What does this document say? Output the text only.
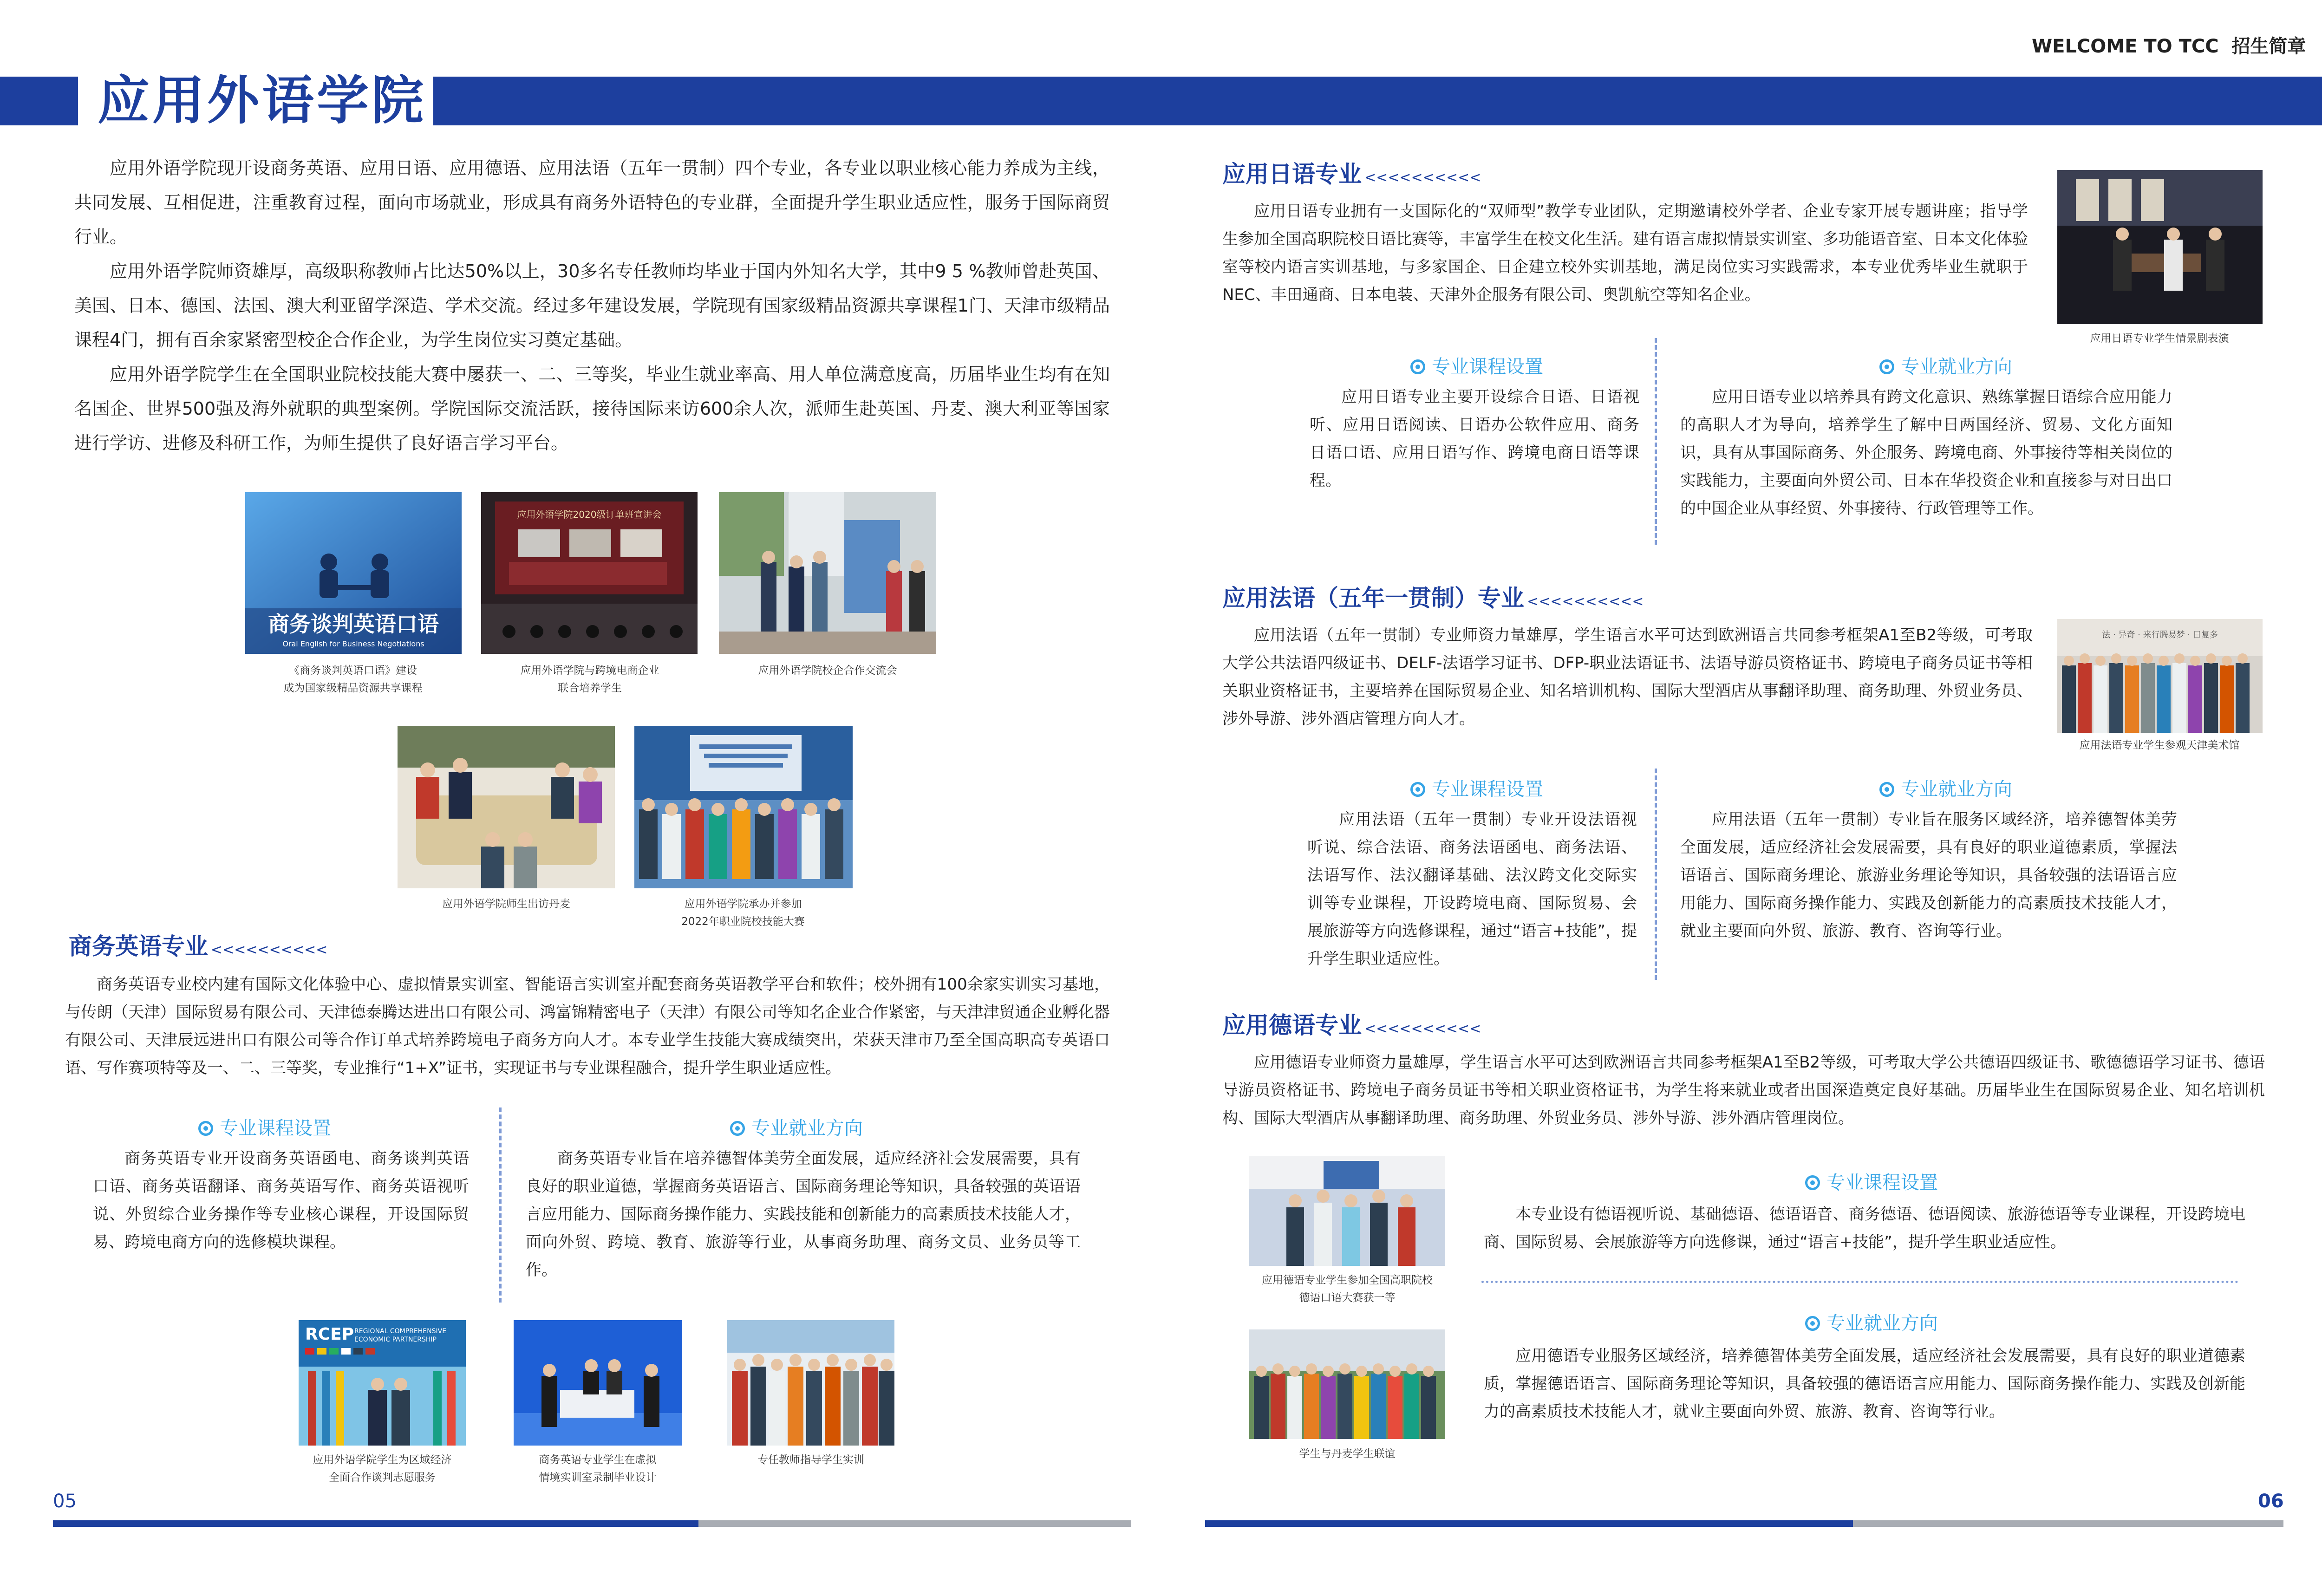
WELCOME TO TCC 招生简章
应用外语学院

应用外语学院现开设商务英语、应用日语、应用德语、应用法语（五年一贯制）四个专业，各专业以职业核心能力养成为主线，共同发展、互相促进，注重教育过程，面向市场就业，形成具有商务外语特色的专业群，全面提升学生职业适应性，服务于国际商贸行业。

应用外语学院师资雄厚，高级职称教师占比达50%以上，30多名专任教师均毕业于国内外知名大学，其中9 5 %教师曾赴英国、美国、日本、德国、法国、澳大利亚留学深造、学术交流。经过多年建设发展，学院现有国家级精品资源共享课程1门、天津市级精品课程4门，拥有百余家紧密型校企合作企业，为学生岗位实习奠定基础。

应用外语学院学生在全国职业院校技能大赛中屡获一、二、三等奖，毕业生就业率高、用人单位满意度高，历届毕业生均有在知名国企、世界500强及海外就职的典型案例。学院国际交流活跃，接待国际来访600余人次，派师生赴英国、丹麦、澳大利亚等国家进行学访、进修及科研工作，为师生提供了良好语言学习平台。

商务谈判英语口语
Oral English for Business Negotiations
应用外语学院2020级订单班宣讲会
《商务谈判英语口语》建设
成为国家级精品资源共享课程
应用外语学院与跨境电商企业
联合培养学生
应用外语学院校企合作交流会
应用外语学院师生出访丹麦	应用外语学院承办并参加
2022年职业院校技能大赛
商务英语专业 <<<<<<<<<<

商务英语专业校内建有国际文化体验中心、虚拟情景实训室、智能语言实训室并配套商务英语教学平台和软件；校外拥有100余家实训实习基地，与传朗（天津）国际贸易有限公司、天津德泰腾达进出口有限公司、鸿富锦精密电子（天津）有限公司等知名企业合作紧密，与天津津贸通企业孵化器有限公司、天津辰远进出口有限公司等合作订单式培养跨境电子商务方向人才。本专业学生技能大赛成绩突出，荣获天津市乃至全国高职高专英语口语、写作赛项特等及一、二、三等奖，专业推行“1+X”证书，实现证书与专业课程融合，提升学生职业适应性。

专业课程设置

商务英语专业开设商务英语函电、商务谈判英语口语、商务英语翻译、商务英语写作、商务英语视听说、外贸综合业务操作等专业核心课程，开设国际贸易、跨境电商方向的选修模块课程。

专业就业方向

商务英语专业旨在培养德智体美劳全面发展，适应经济社会发展需要，具有良好的职业道德，掌握商务英语语言、国际商务理论等知识，具备较强的英语语言应用能力、国际商务操作能力、实践技能和创新能力的高素质技术技能人才，面向外贸、跨境、教育、旅游等行业，从事商务助理、商务文员、业务员等工作。

RCEP REGIONAL COMPREHENSIVE
ECONOMIC PARTNERSHIP
应用外语学院学生为区域经济
全面合作谈判志愿服务
商务英语专业学生在虚拟
情境实训室录制毕业设计
专任教师指导学生实训
应用日语专业 <<<<<<<<<<

应用日语专业拥有一支国际化的“双师型”教学专业团队，定期邀请校外学者、企业专家开展专题讲座；指导学生参加全国高职院校日语比赛等，丰富学生在校文化生活。建有语言虚拟情景实训室、多功能语音室、日本文化体验室等校内语言实训基地，与多家国企、日企建立校外实训基地，满足岗位实习实践需求，本专业优秀毕业生就职于NEC、丰田通商、日本电装、天津外企服务有限公司、奥凯航空等知名企业。

应用日语专业学生情景剧表演
专业课程设置

应用日语专业主要开设综合日语、日语视听、应用日语阅读、日语办公软件应用、商务日语口语、应用日语写作、跨境电商日语等课程。

专业就业方向

应用日语专业以培养具有跨文化意识、熟练掌握日语综合应用能力的高职人才为导向，培养学生了解中日两国经济、贸易、文化方面知识，具有从事国际商务、外企服务、跨境电商、外事接待等相关岗位的实践能力，主要面向外贸公司、日本在华投资企业和直接参与对日出口的中国企业从事经贸、外事接待、行政管理等工作。

应用法语（五年一贯制）专业 <<<<<<<<<<

应用法语（五年一贯制）专业师资力量雄厚，学生语言水平可达到欧洲语言共同参考框架A1至B2等级，可考取大学公共法语四级证书、DELF-法语学习证书、DFP-职业法语证书、法语导游员资格证书、跨境电子商务员证书等相关职业资格证书，主要培养在国际贸易企业、知名培训机构、国际大型酒店从事翻译助理、商务助理、外贸业务员、涉外导游、涉外酒店管理方向人才。

法 · 异奇 · 来行腾易梦 · 日复多
应用法语专业学生参观天津美术馆
专业课程设置

应用法语（五年一贯制）专业开设法语视听说、综合法语、商务法语函电、商务法语、法语写作、法汉翻译基础、法汉跨文化交际实训等专业课程，开设跨境电商、国际贸易、会展旅游等方向选修课程，通过“语言+技能”，提升学生职业适应性。

专业就业方向

应用法语（五年一贯制）专业旨在服务区域经济，培养德智体美劳全面发展，适应经济社会发展需要，具有良好的职业道德素质，掌握法语语言、国际商务理论、旅游业务理论等知识，具备较强的法语语言应用能力、国际商务操作能力、实践及创新能力的高素质技术技能人才，就业主要面向外贸、旅游、教育、咨询等行业。

应用德语专业 <<<<<<<<<<

应用德语专业师资力量雄厚，学生语言水平可达到欧洲语言共同参考框架A1至B2等级，可考取大学公共德语四级证书、歌德德语学习证书、德语导游员资格证书、跨境电子商务员证书等相关职业资格证书，为学生将来就业或者出国深造奠定良好基础。历届毕业生在国际贸易企业、知名培训机构、国际大型酒店从事翻译助理、商务助理、外贸业务员、涉外导游、涉外酒店管理岗位。

应用德语专业学生参加全国高职院校
德语口语大赛获一等
学生与丹麦学生联谊
专业课程设置

本专业设有德语视听说、基础德语、德语语音、商务德语、德语阅读、旅游德语等专业课程，开设跨境电商、国际贸易、会展旅游等方向选修课，通过“语言+技能”，提升学生职业适应性。

专业就业方向

应用德语专业服务区域经济，培养德智体美劳全面发展，适应经济社会发展需要，具有良好的职业道德素质，掌握德语语言、国际商务理论等知识，具备较强的德语语言应用能力、国际商务操作能力、实践及创新能力的高素质技术技能人才，就业主要面向外贸、旅游、教育、咨询等行业。

05	06
